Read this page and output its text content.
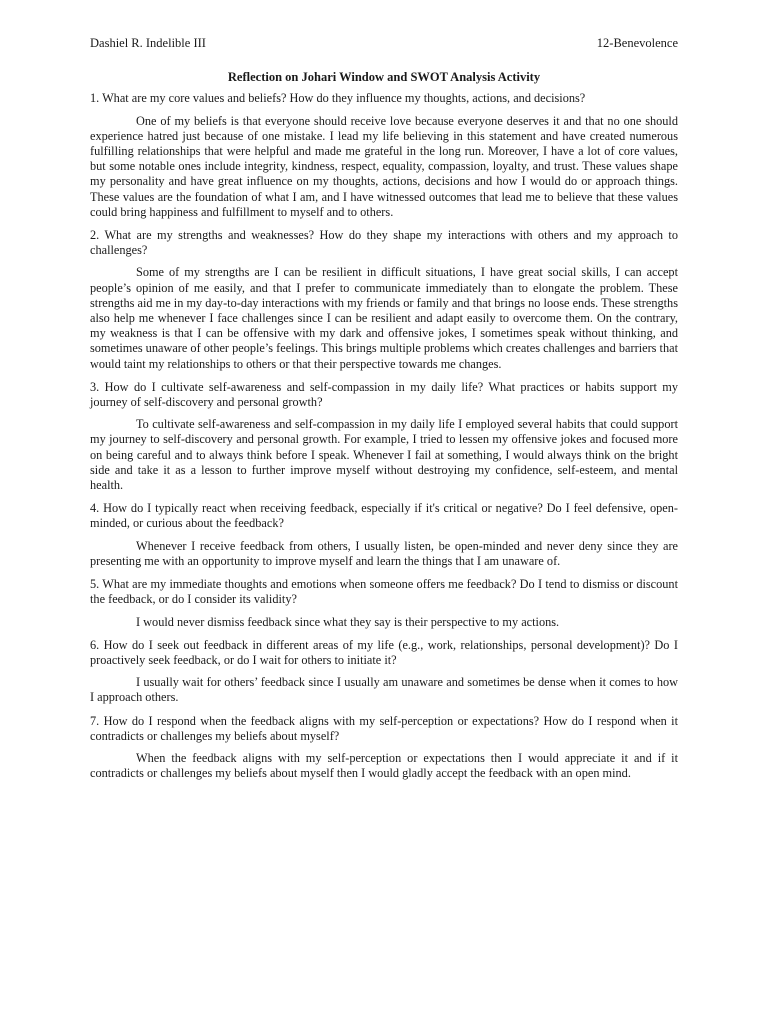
Dashiel R. Indelible III	12-Benevolence
Reflection on Johari Window and SWOT Analysis Activity

1. What are my core values and beliefs? How do they influence my thoughts, actions, and decisions?

One of my beliefs is that everyone should receive love because everyone deserves it and that no one should experience hatred just because of one mistake. I lead my life believing in this statement and have created numerous fulfilling relationships that were helpful and made me grateful in the long run. Moreover, I have a lot of core values, but some notable ones include integrity, kindness, respect, equality, compassion, loyalty, and trust. These values shape my personality and have great influence on my thoughts, actions, decisions and how I would do or approach things. These values are the foundation of what I am, and I have witnessed outcomes that lead me to believe that these values could bring happiness and fulfillment to myself and to others.

2. What are my strengths and weaknesses? How do they shape my interactions with others and my approach to challenges?

Some of my strengths are I can be resilient in difficult situations, I have great social skills, I can accept people’s opinion of me easily, and that I prefer to communicate immediately than to elongate the problem. These strengths aid me in my day-to-day interactions with my friends or family and that brings no loose ends. These strengths also help me whenever I face challenges since I can be resilient and adapt easily to overcome them. On the contrary, my weakness is that I can be offensive with my dark and offensive jokes, I sometimes speak without thinking, and sometimes unaware of other people’s feelings. This brings multiple problems which creates challenges and barriers that would taint my relationships to others or that their perspective towards me changes.

3. How do I cultivate self-awareness and self-compassion in my daily life? What practices or habits support my journey of self-discovery and personal growth?

To cultivate self-awareness and self-compassion in my daily life I employed several habits that could support my journey to self-discovery and personal growth. For example, I tried to lessen my offensive jokes and focused more on being careful and to always think before I speak. Whenever I fail at something, I would always think on the bright side and take it as a lesson to further improve myself without destroying my confidence, self-esteem, and mental health.

4. How do I typically react when receiving feedback, especially if it's critical or negative? Do I feel defensive, open-minded, or curious about the feedback?

Whenever I receive feedback from others, I usually listen, be open-minded and never deny since they are presenting me with an opportunity to improve myself and learn the things that I am unaware of.

5. What are my immediate thoughts and emotions when someone offers me feedback? Do I tend to dismiss or discount the feedback, or do I consider its validity?

I would never dismiss feedback since what they say is their perspective to my actions.

6. How do I seek out feedback in different areas of my life (e.g., work, relationships, personal development)? Do I proactively seek feedback, or do I wait for others to initiate it?

I usually wait for others’ feedback since I usually am unaware and sometimes be dense when it comes to how I approach others.

7. How do I respond when the feedback aligns with my self-perception or expectations? How do I respond when it contradicts or challenges my beliefs about myself?

When the feedback aligns with my self-perception or expectations then I would appreciate it and if it contradicts or challenges my beliefs about myself then I would gladly accept the feedback with an open mind.
